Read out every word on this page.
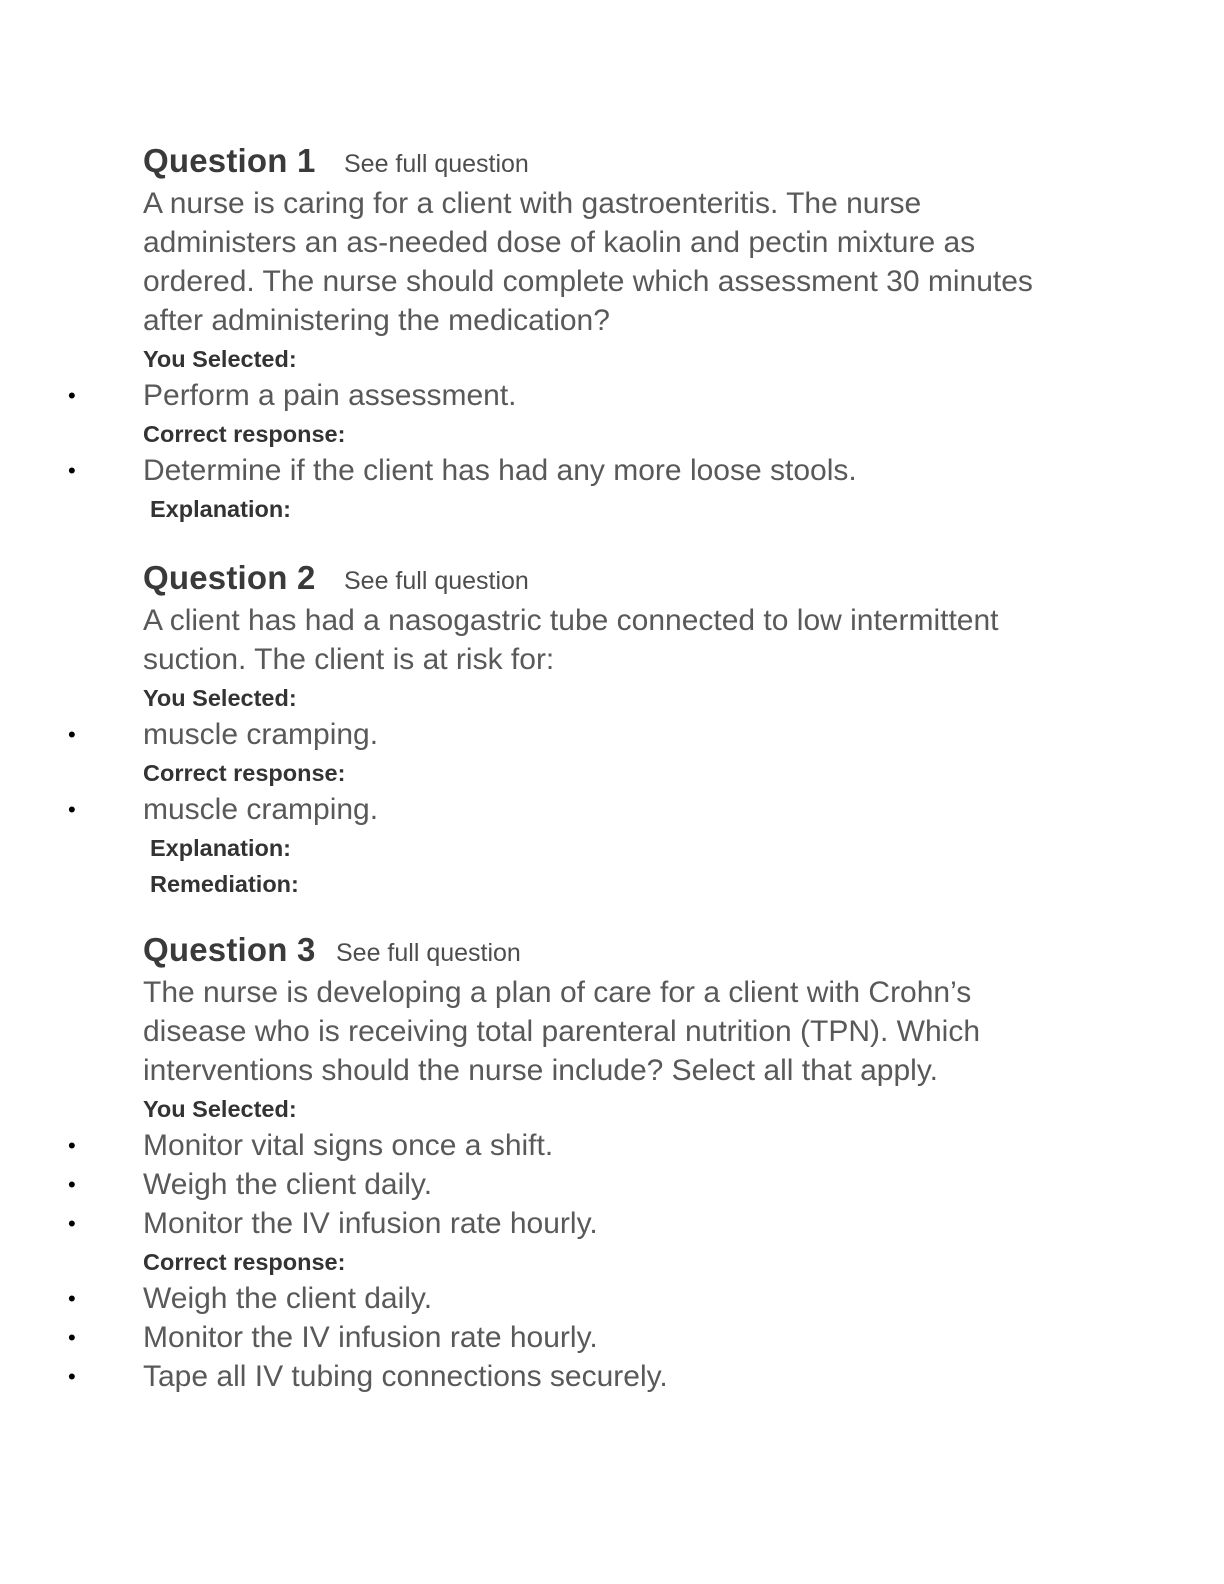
Question 1 See full question
A nurse is caring for a client with gastroenteritis. The nurse administers an as-needed dose of kaolin and pectin mixture as ordered. The nurse should complete which assessment 30 minutes after administering the medication?
You Selected:
• Perform a pain assessment.
Correct response:
• Determine if the client has had any more loose stools.
Explanation:
Question 2 See full question
A client has had a nasogastric tube connected to low intermittent suction. The client is at risk for:
You Selected:
• muscle cramping.
Correct response:
• muscle cramping.
Explanation:
Remediation:
Question 3 See full question
The nurse is developing a plan of care for a client with Crohn’s disease who is receiving total parenteral nutrition (TPN). Which interventions should the nurse include? Select all that apply.
You Selected:
• Monitor vital signs once a shift.
• Weigh the client daily.
• Monitor the IV infusion rate hourly.
Correct response:
• Weigh the client daily.
• Monitor the IV infusion rate hourly.
• Tape all IV tubing connections securely.
